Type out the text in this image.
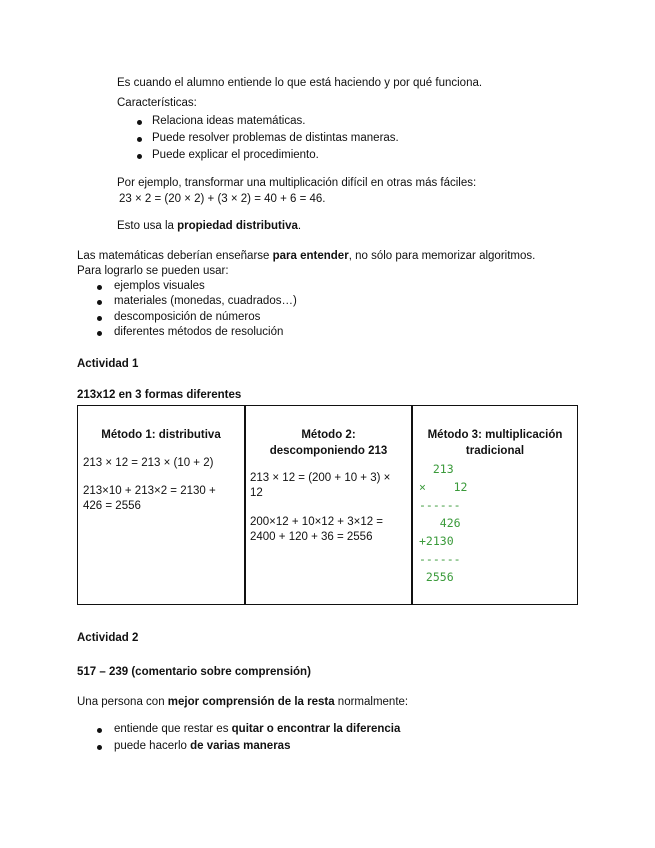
Es cuando el alumno entiende lo que está haciendo y por qué funciona.
Características:
Relaciona ideas matemáticas.
Puede resolver problemas de distintas maneras.
Puede explicar el procedimiento.
Por ejemplo, transformar una multiplicación difícil en otras más fáciles:
23 × 2 = (20 × 2) + (3 × 2) = 40 + 6 = 46.
Esto usa la propiedad distributiva.
Las matemáticas deberían enseñarse para entender, no sólo para memorizar algoritmos.
Para lograrlo se pueden usar:
ejemplos visuales
materiales (monedas, cuadrados…)
descomposición de números
diferentes métodos de resolución
Actividad 1
213x12 en 3 formas diferentes
Método 1: distributiva
213 × 12 = 213 × (10 + 2)
213×10 + 213×2 = 2130 +
426 = 2556
Método 2:
descomponiendo 213
213 × 12 = (200 + 10 + 3) ×
12
200×12 + 10×12 + 3×12 =
2400 + 120 + 36 = 2556
Método 3: multiplicación
tradicional
213
×    12
------
426
+2130
------
2556
Actividad 2
517 – 239 (comentario sobre comprensión)
Una persona con mejor comprensión de la resta normalmente:
entiende que restar es quitar o encontrar la diferencia
puede hacerlo de varias maneras
